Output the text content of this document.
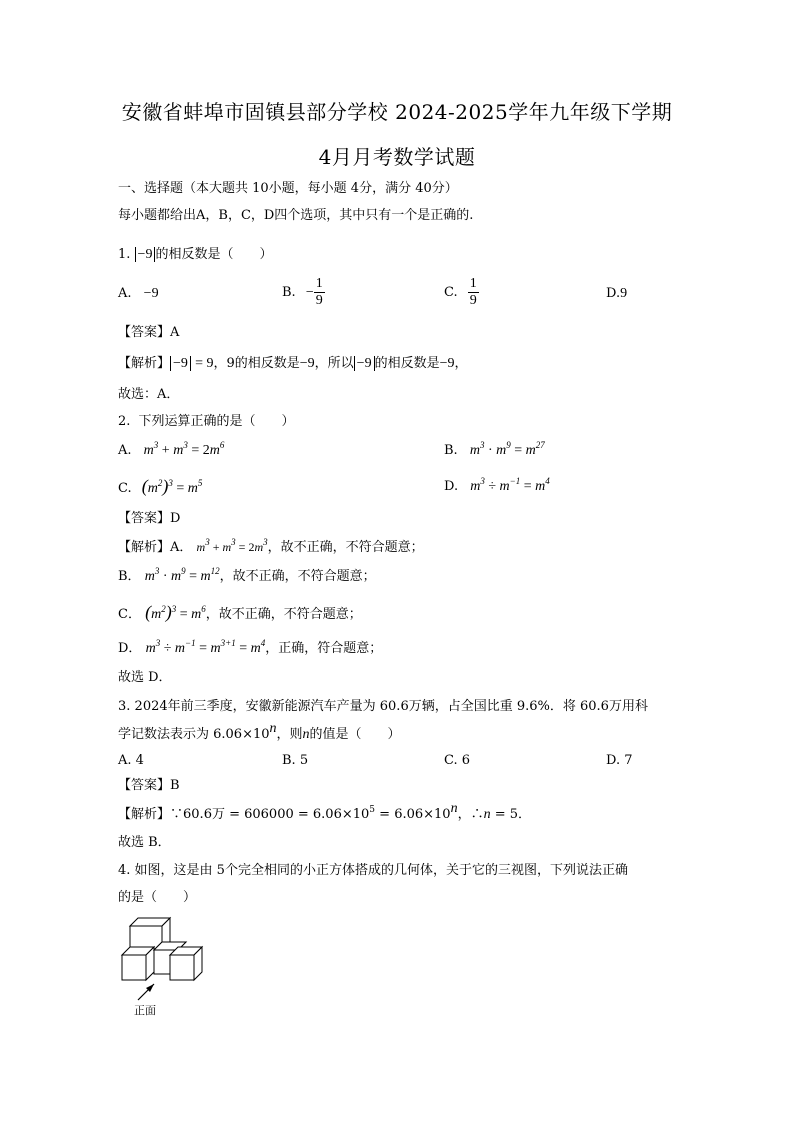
安徽省蚌埠市固镇县部分学校 2024-2025学年九年级下学期
4月月考数学试题
一、选择题（本大题共 10小题，每小题 4分，满分 40分）
每小题都给出A，B，C，D四个选项，其中只有一个是正确的.
1. −9 的相反数是（　　）
A. −9	B. − $\frac{1}{9}$	C. $\frac{1}{9}$	D.9
【答案】A
【解析】 −9 = 9，9的相反数是−9，所以 −9 的相反数是−9，
故选：A．
2. 下列运算正确的是（　　）
A. $m^3 + m^3 = 2m^6$	B. $m^3 \cdot m^9 = m^{27}$
C. $(m^2)^3 = m^5$	D. $m^3 \div m^{-1} = m^4$
【答案】D
【解析】A． $m^3 + m^3 = 2m^3$，故不正确，不符合题意；
B． $m^3 \cdot m^9 = m^{12}$，故不正确，不符合题意；
C． $(m^2)^3 = m^6$，故不正确，不符合题意；
D． $m^3 \div m^{-1} = m^{3+1} = m^4$，正确，符合题意；
故选 D．
3. 2024年前三季度，安徽新能源汽车产量为 60.6万辆，占全国比重 9.6%．将 60.6万用科
学记数法表示为 $6.06\times 10^n$，则n的值是（　　）
A. 4	B. 5	C. 6	D. 7
【答案】B
【解析】∵60.6万 = $606000 = 6.06\times 10^5 = 6.06\times 10^n$，∴n = 5．
故选 B．
4. 如图，这是由 5个完全相同的小正方体搭成的几何体，关于它的三视图，下列说法正确
的是（　　）
正面
